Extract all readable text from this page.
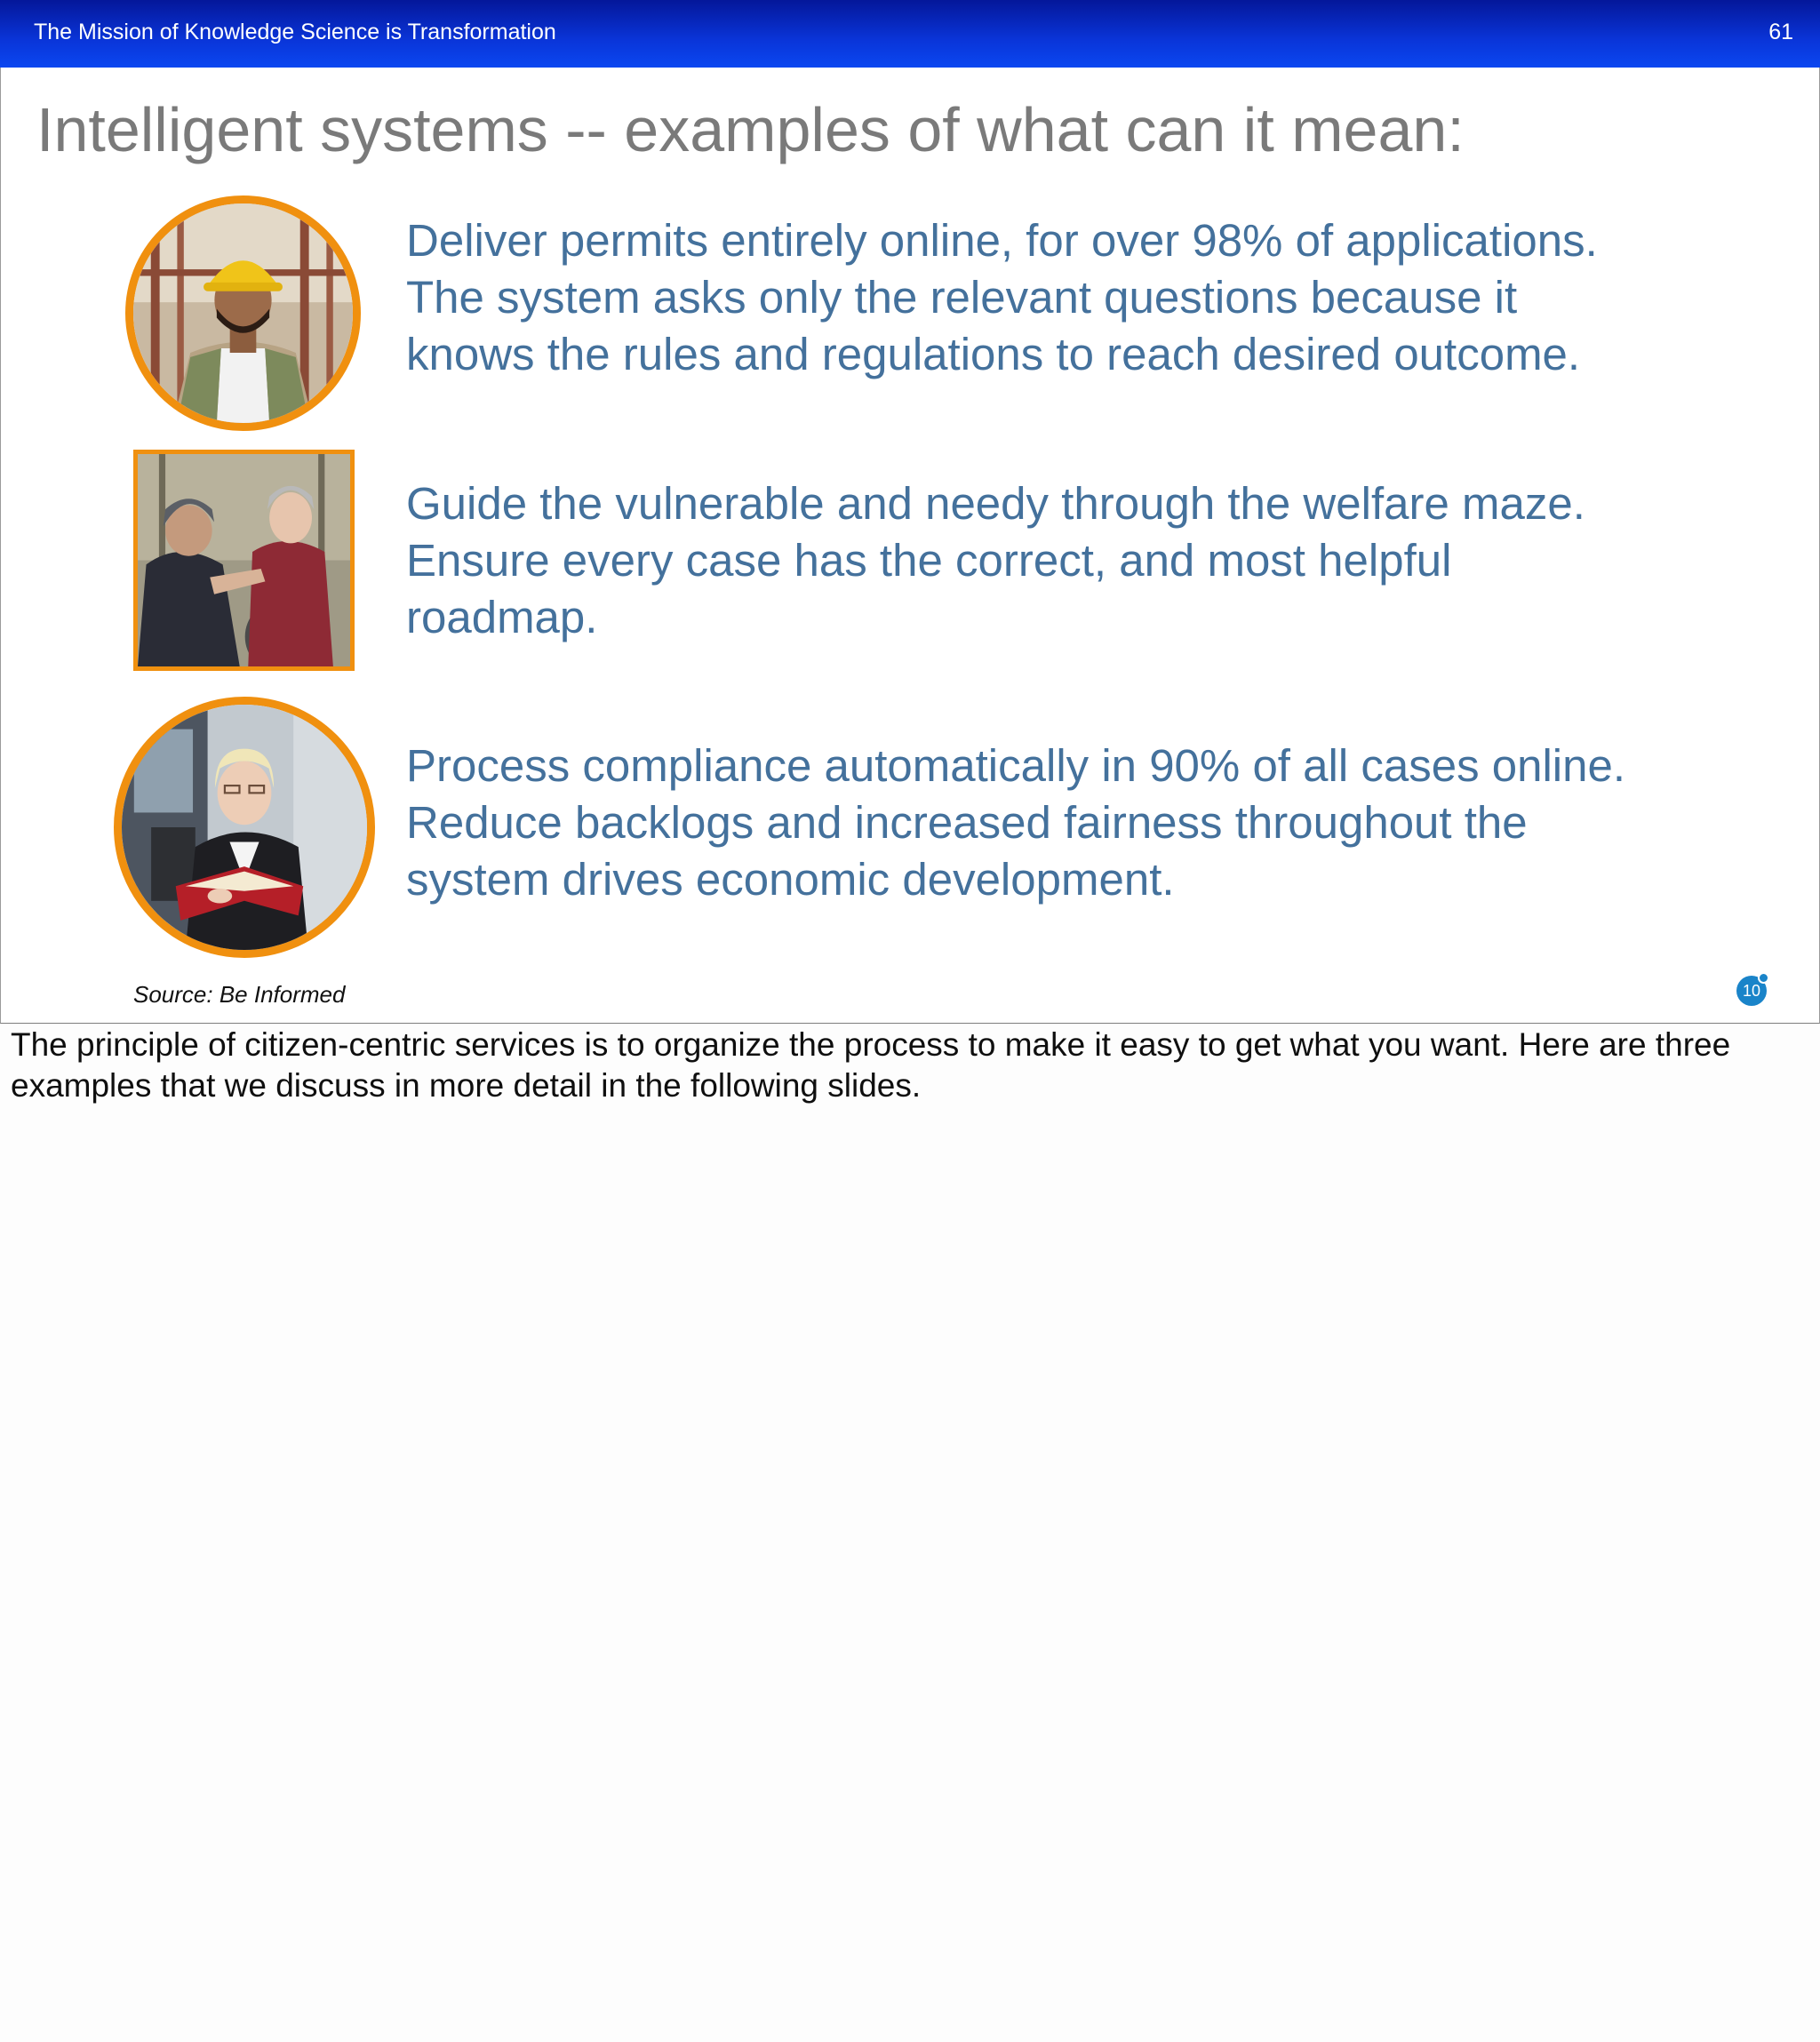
The Mission of Knowledge Science is Transformation	61
Intelligent systems -- examples of what can it mean:
Deliver permits entirely online, for over 98% of applications.
The system asks only the relevant questions because it
knows the rules and regulations to reach desired outcome.
Guide the vulnerable and needy through the welfare maze.
Ensure every case has the correct, and most helpful
roadmap.
Process compliance automatically in 90% of all cases online.
Reduce backlogs and increased fairness throughout the
system drives economic development.
Source: Be Informed	10
The principle of citizen-centric services is to organize the process to make it easy to get what you want. Here are three examples that we discuss in more detail in the following slides.
